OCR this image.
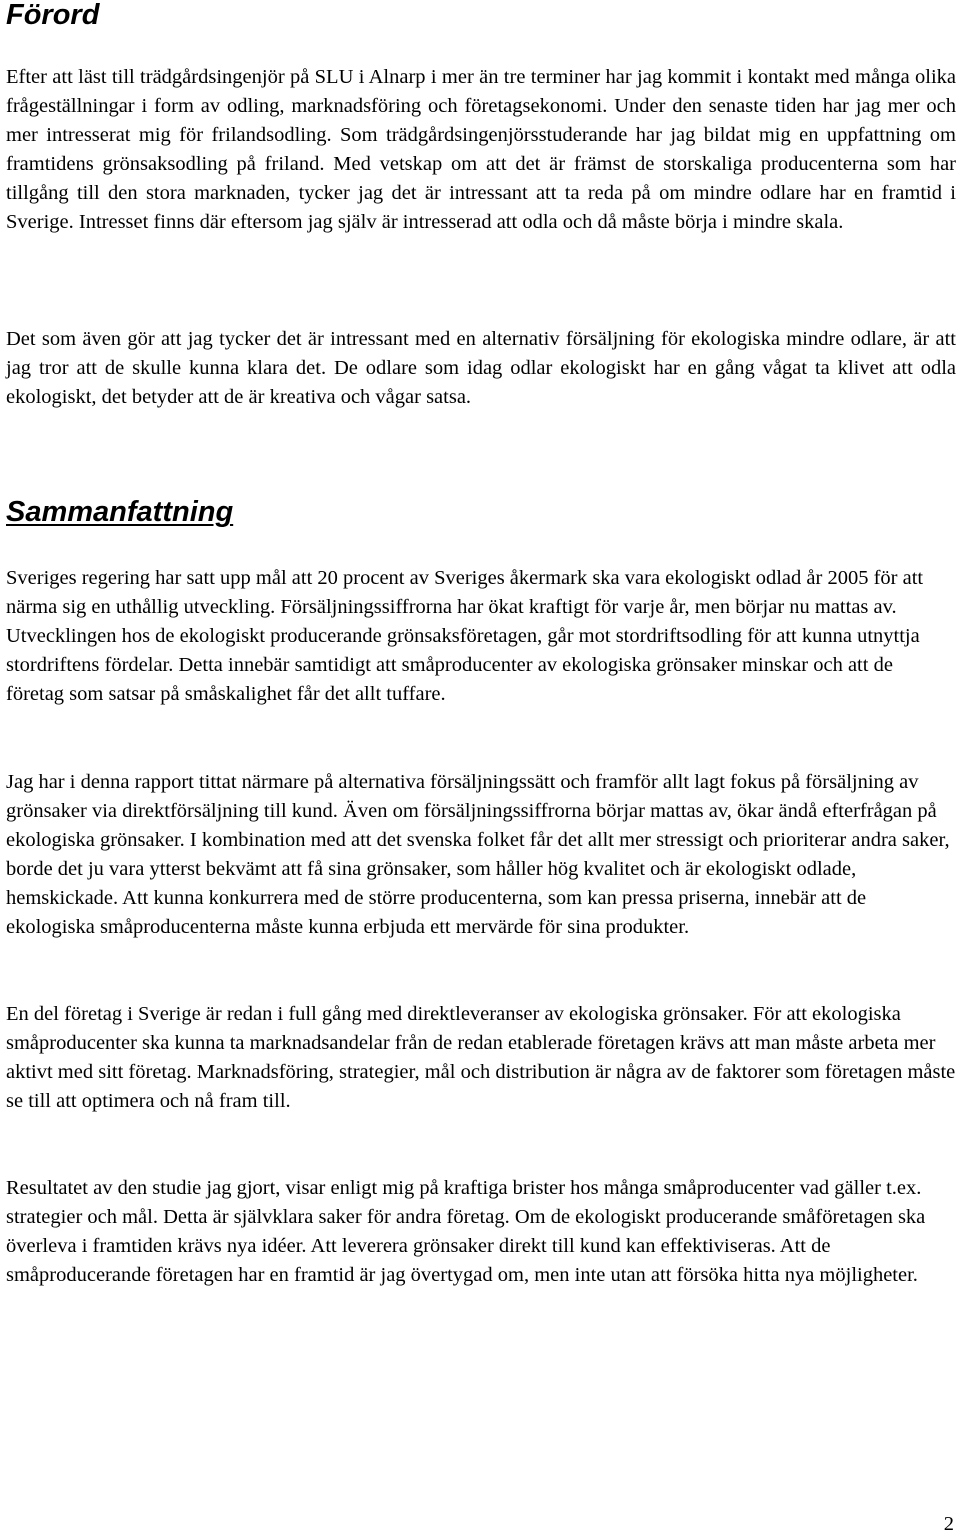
Förord

Efter att läst till trädgårdsingenjör på SLU i Alnarp i mer än tre terminer har jag kommit i kontakt med många olika frågeställningar i form av odling, marknadsföring och företagsekonomi. Under den senaste tiden har jag mer och mer intresserat mig för frilandsodling. Som trädgårdsingenjörsstuderande har jag bildat mig en uppfattning om framtidens grönsaksodling på friland. Med vetskap om att det är främst de storskaliga producenterna som har tillgång till den stora marknaden, tycker jag det är intressant att ta reda på om mindre odlare har en framtid i Sverige. Intresset finns där eftersom jag själv är intresserad att odla och då måste börja i mindre skala.

Det som även gör att jag tycker det är intressant med en alternativ försäljning för ekologiska mindre odlare, är att jag tror att de skulle kunna klara det. De odlare som idag odlar ekologiskt har en gång vågat ta klivet att odla ekologiskt, det betyder att de är kreativa och vågar satsa.

Sammanfattning

Sveriges regering har satt upp mål att 20 procent av Sveriges åkermark ska vara ekologiskt odlad år 2005 för att närma sig en uthållig utveckling. Försäljningssiffrorna har ökat kraftigt för varje år, men börjar nu mattas av. Utvecklingen hos de ekologiskt producerande grönsaksföretagen, går mot stordriftsodling för att kunna utnyttja stordriftens fördelar. Detta innebär samtidigt att småproducenter av ekologiska grönsaker minskar och att de företag som satsar på småskalighet får det allt tuffare.

Jag har i denna rapport tittat närmare på alternativa försäljningssätt och framför allt lagt fokus på försäljning av grönsaker via direktförsäljning till kund. Även om försäljningssiffrorna börjar mattas av, ökar ändå efterfrågan på ekologiska grönsaker. I kombination med att det svenska folket får det allt mer stressigt och prioriterar andra saker, borde det ju vara ytterst bekvämt att få sina grönsaker, som håller hög kvalitet och är ekologiskt odlade, hemskickade. Att kunna konkurrera med de större producenterna, som kan pressa priserna, innebär att de ekologiska småproducenterna måste kunna erbjuda ett mervärde för sina produkter.

En del företag i Sverige är redan i full gång med direktleveranser av ekologiska grönsaker. För att ekologiska småproducenter ska kunna ta marknadsandelar från de redan etablerade företagen krävs att man måste arbeta mer aktivt med sitt företag. Marknadsföring, strategier, mål och distribution är några av de faktorer som företagen måste se till att optimera och nå fram till.

Resultatet av den studie jag gjort, visar enligt mig på kraftiga brister hos många småproducenter vad gäller t.ex. strategier och mål. Detta är självklara saker för andra företag. Om de ekologiskt producerande småföretagen ska överleva i framtiden krävs nya idéer. Att leverera grönsaker direkt till kund kan effektiviseras. Att de småproducerande företagen har en framtid är jag övertygad om, men inte utan att försöka hitta nya möjligheter.

2
